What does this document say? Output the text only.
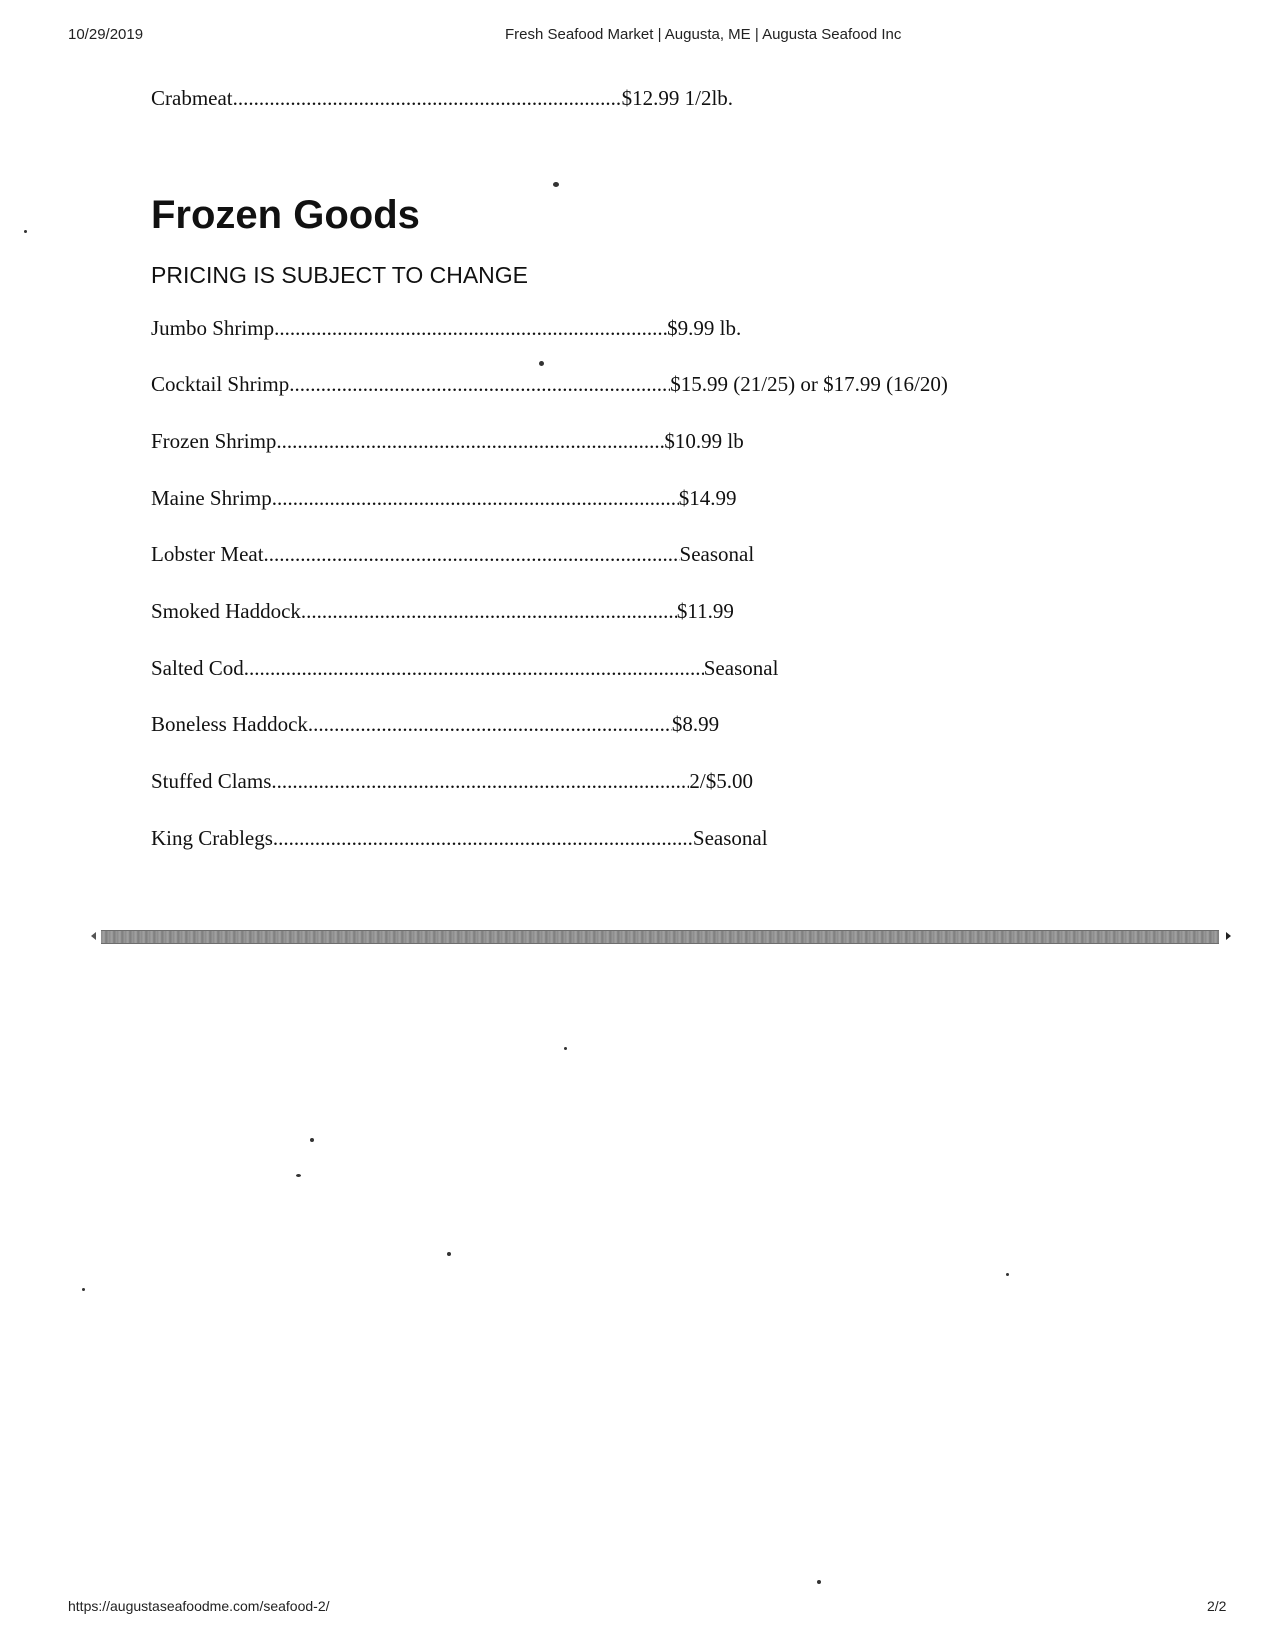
10/29/2019	Fresh Seafood Market | Augusta, ME | Augusta Seafood Inc
Crabmeat .....	$12.99 1/2lb.
Frozen Goods
PRICING IS SUBJECT TO CHANGE
Jumbo Shrimp .....	$9.99 lb.
Cocktail Shrimp .....	$15.99 (21/25) or $17.99 (16/20)
Frozen Shrimp .....	$10.99 lb
Maine Shrimp .....	$14.99
Lobster Meat .....	Seasonal
Smoked Haddock .....	$11.99
Salted Cod .....	Seasonal
Boneless Haddock .....	$8.99
Stuffed Clams .....	2/$5.00
King Crablegs .....	Seasonal
https://augustaseafoodme.com/seafood-2/	2/2
